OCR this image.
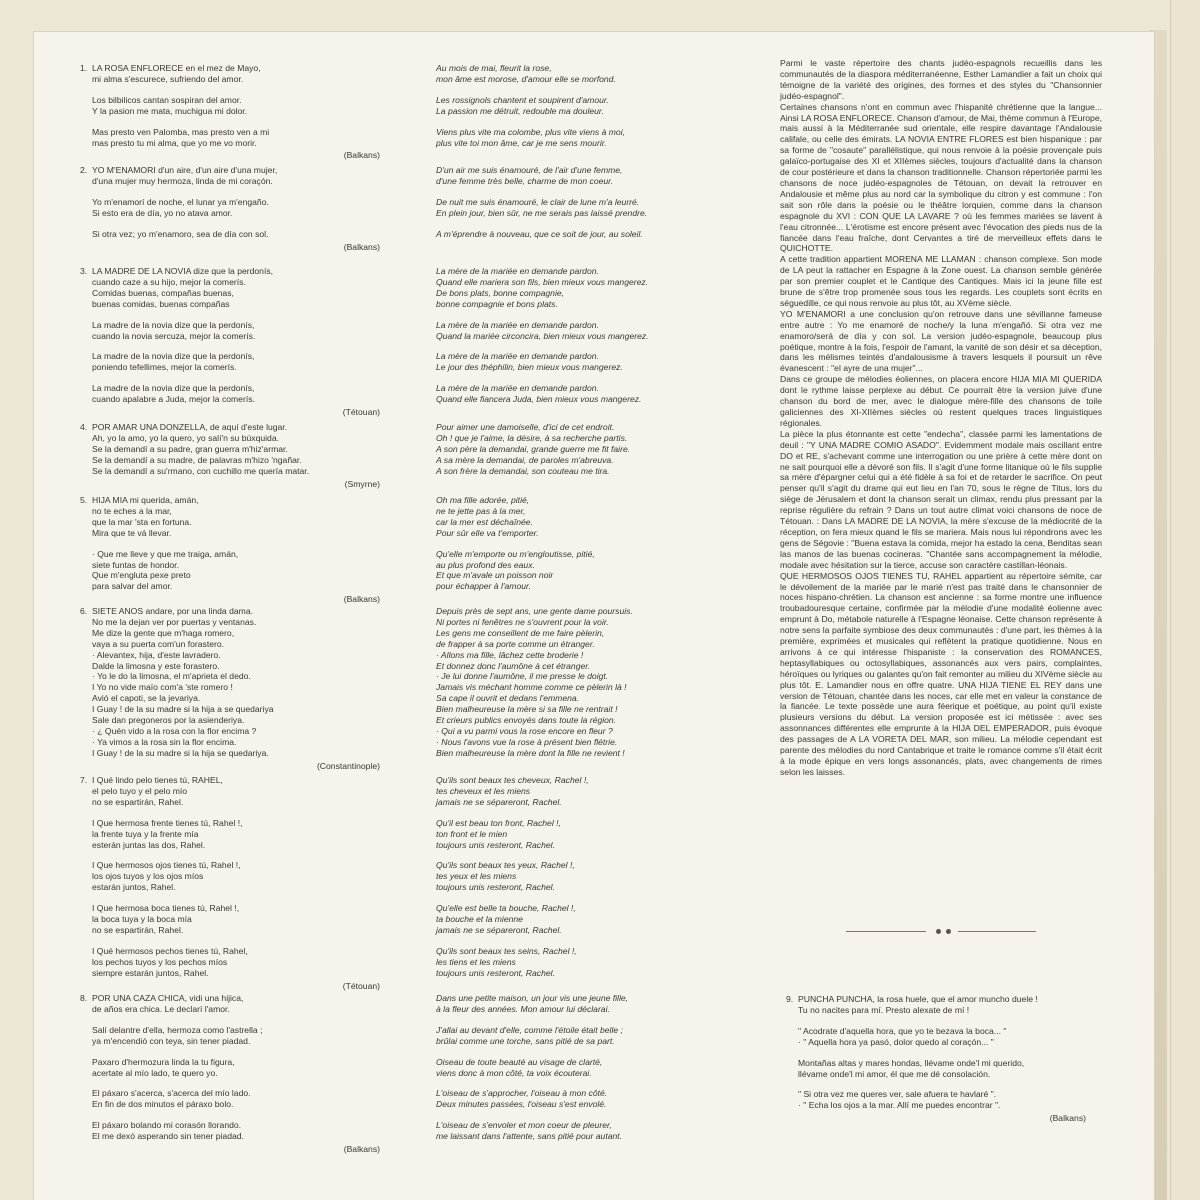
1. LA ROSA ENFLORECE en el mez de Mayo,
mi alma s'escurece, sufriendo del amor.
Los bilbilicos cantan sospiran del amor.
Y la pasion me mata, muchigua mi dolor.
Mas presto ven Palomba, mas presto ven a mi
mas presto tu mi alma, que yo me vo morir.
(Balkans)
2. YO M'ENAMORI d'un aire, d'un aire d'una mujer,
d'una mujer muy hermoza, linda de mi coraçón.
Yo m'enamorí de noche, el lunar ya m'engaño.
Si esto era de día, yo no atava amor.
Si otra vez; yo m'enamoro, sea de día con sol.
(Balkans)
3. LA MADRE DE LA NOVIA dize que la perdonís,
cuando caze a su hijo, mejor la comerís.
Comidas buenas, compañas buenas,
buenas comidas, buenas compañas
La madre de la novia dize que la perdonís,
cuando la novia sercuza, mejor la comerís.
La madre de la novia dize que la perdonís,
poniendo tefellimes, mejor la comerís.
La madre de la novia dize que la perdonís,
cuando apalabre a Juda, mejor la comerís.
(Tétouan)
4. POR AMAR UNA DONZELLA, de aquí d'este lugar.
Ah, yo la amo, yo la quero, yo salí'n su búxquida.
Se la demandí a su padre, gran guerra m'hiz'armar.
Se la demandí a su madre, de palavras m'hizo 'ngañar.
Se la demandí a su'rmano, con cuchillo me quería matar.
(Smyrne)
5. HIJA MIA mi querida, amán,
no te eches a la mar,
que la mar 'sta en fortuna.
Mira que te vá llevar.
· Que me lleve y que me traiga, amán,
siete funtas de hondor.
Que m'engluta pexe preto
para salvar del amor.
(Balkans)
6. SIETE ANOS andare, por una linda dama.
No me la dejan ver por puertas y ventanas.
Me dize la gente que m'haga romero,
vaya a su puerta com'un forastero.
· Alevantex, hija, d'este lavradero.
Dalde la limosna y este forastero.
· Yo le do la limosna, el m'aprieta el dedo.
I Yo no vide maïo com'a 'ste romero !
Avió el capoti, se la jevariya.
I Guay ! de la su madre si la hija a se quedariya
Sale dan pregoneros por la asienderiya.
· ¿ Quén vido a la rosa con la flor encima ?
· Ya vimos a la rosa sin la flor encima.
I Guay ! de la su madre si la hija se quedariya.
(Constantinople)
7. I Qué lindo pelo tienes tú, RAHEL,
el pelo tuyo y el pelo mío
no se espartirán, Rahel.
I Que hermosa frente tienes tú, Rahel !,
la frente tuya y la frente mía
esterán juntas las dos, Rahel.
I Que hermosos ojos tienes tú, Rahel !,
los ojos tuyos y los ojos míos
estarán juntos, Rahel.
I Que hermosa boca tienes tú, Rahel !,
la boca tuya y la boca mía
no se espartirán, Rahel.
I Qué hermosos pechos tienes tú, Rahel,
los pechos tuyos y los pechos míos
siempre estarán juntos, Rahel.
(Tétouan)
8. POR UNA CAZA CHICA, vidi una hijica,
de años era chica. Le declarí l'amor.
Salí delantre d'ella, hermoza como l'astrella ;
ya m'encendió con teya, sin tener piadad.
Paxaro d'hermozura linda la tu figura,
acertate al mío lado, te quero yo.
El páxaro s'acerca, s'acerca del mío lado.
En fin de dos minutos el páraxo bolo.
El páxaro bolando mi corasón llorando.
El me dexó asperando sin tener piadad.
(Balkans)
Au mois de mai, fleurit la rose,
mon âme est morose, d'amour elle se morfond.
Les rossignols chantent et soupirent d'amour.
La passion me détruit, redouble ma douleur.
Viens plus vite ma colombe, plus vite viens à moi,
plus vite toi mon âme, car je me sens mourir.
D'un air me suis énamouré, de l'air d'une femme,
d'une femme très belle, charme de mon coeur.
De nuit me suis énamouré, le clair de lune m'a leurré.
En plein jour, bien sûr, ne me serais pas laissé prendre.
A m'éprendre à nouveau, que ce soit de jour, au soleil.
La mère de la mariée en demande pardon.
Quand elle mariera son fils, bien mieux vous mangerez.
De bons plats, bonne compagnie,
bonne compagnie et bons plats.
La mère de la mariée en demande pardon.
Quand la mariée circoncira, bien mieux vous mangerez.
La mère de la mariée en demande pardon.
Le jour des théphilin, bien mieux vous mangerez.
La mère de la mariée en demande pardon.
Quand elle fiancera Juda, bien mieux vous mangerez.
Pour aimer une damoiselle, d'ici de cet endroit.
Oh ! que je l'aime, la désire, à sa recherche partis.
A son père la demandai, grande guerre me fit faire.
A sa mère la demandai, de paroles m'abreuva.
A son frère la demandai, son couteau me tira.
Oh ma fille adorée, pitié,
ne te jette pas à la mer,
car la mer est déchaînée.
Pour sûr elle va t'emporter.
Qu'elle m'emporte ou m'engloutisse, pitié,
au plus profond des eaux.
Et que m'avale un poisson noir
pour échapper à l'amour.
Depuis près de sept ans, une gente dame poursuis.
Ni portes ni fenêtres ne s'ouvrent pour la voir.
Les gens me conseillent de me faire pèlerin,
de frapper à sa porte comme un étranger.
· Allons ma fille, lâchez cette broderie !
Et donnez donc l'aumône à cet étranger.
· Je lui donne l'aumône, il me presse le doigt.
Jamais vis méchant homme comme ce pèlerin là !
Sa cape il ouvrit et dedans l'emmena.
Bien malheureuse la mère si sa fille ne rentrait !
Et crieurs publics envoyés dans toute la région.
· Qui a vu parmi vous la rose encore en fleur ?
· Nous l'avons vue la rose à présent bien flétrie.
Bien malheureuse la mère dont la fille ne revient !
Qu'ils sont beaux tes cheveux, Rachel !,
tes cheveux et les miens
jamais ne se sépareront, Rachel.
Qu'il est beau ton front, Rachel !,
ton front et le mien
toujours unis resteront, Rachel.
Qu'ils sont beaux tes yeux, Rachel !,
tes yeux et les miens
toujours unis resteront, Rachel.
Qu'elle est belle ta bouche, Rachel !,
ta bouche et la mienne
jamais ne se sépareront, Rachel.
Qu'ils sont beaux tes seins, Rachel !,
les tiens et les miens
toujours unis resteront, Rachel.
Dans une petite maison, un jour vis une jeune fille,
à la fleur des années. Mon amour lui déclarai.
J'allai au devant d'elle, comme l'étoile était belle ;
brûlai comme une torche, sans pitié de sa part.
Oiseau de toute beauté au visage de clarté,
viens donc à mon côté, ta voix écouterai.
L'oiseau de s'approcher, l'oiseau à mon côté.
Deux minutes passées, l'oiseau s'est envolé.
L'oiseau de s'envoler et mon coeur de pleurer,
me laissant dans l'attente, sans pitié pour autant.

Parmi le vaste répertoire des chants judéo-espagnols recueillis dans les communautés de la diaspora méditerranéenne, Esther Lamandier a fait un choix qui témoigne de la variété des origines, des formes et des styles du "Chansonnier judéo-espagnol".

Certaines chansons n'ont en commun avec l'hispanité chrétienne que la langue... Ainsi LA ROSA ENFLORECE. Chanson d'amour, de Mai, thème commun à l'Europe, mais aussi à la Méditerranée sud orientale, elle respire davantage l'Andalousie califale, ou celle des émirats. LA NOVIA ENTRE FLORES est bien hispanique : par sa forme de "cosaute" parallélistique, qui nous renvoie à la poésie provençale puis galaïco-portugaise des XI et XIIèmes siècles, toujours d'actualité dans la chanson de cour postérieure et dans la chanson traditionnelle. Chanson répertoriée parmi les chansons de noce judéo-espagnoles de Tétouan, on devait la retrouver en Andalousie et même plus au nord car la symbolique du citron y est commune : l'on sait son rôle dans la poésie ou le théâtre lorquien, comme dans la chanson espagnole du XVI : CON QUE LA LAVARE ? où les femmes mariées se lavent à l'eau citronnée... L'érotisme est encore présent avec l'évocation des pieds nus de la fiancée dans l'eau fraîche, dont Cervantes a tiré de merveilleux effets dans le QUICHOTTE.

A cette tradition appartient MORENA ME LLAMAN : chanson complexe. Son mode de LA peut la rattacher en Espagne à la Zone ouest. La chanson semble générée par son premier couplet et le Cantique des Cantiques. Mais ici la jeune fille est brune de s'être trop promenée sous tous les regards. Les couplets sont écrits en séguedille, ce qui nous renvoie au plus tôt, au XVème siècle.

YO M'ENAMORI a une conclusion qu'on retrouve dans une sévillanne fameuse entre autre : Yo me enamoré de noche/y la luna m'engañó. Si otra vez me enamoro/será de día y con sol. La version judéo-espagnole, beaucoup plus poétique, montre à la fois, l'espoir de l'amant, la vanité de son désir et sa déception, dans les mélismes teintés d'andalousisme à travers lesquels il poursuit un rêve évanescent : "el ayre de una mujer"...

Dans ce groupe de mélodies éoliennes, on placera encore HIJA MIA MI QUERIDA dont le rythme laisse perplexe au début. Ce pourrait être la version juive d'une chanson du bord de mer, avec le dialogue mère-fille des chansons de toile galiciennes des XI-XIIèmes siècles où restent quelques traces linguistiques régionales.

La pièce la plus étonnante est cette "endecha", classée parmi les lamentations de deuil : "Y UNA MADRE COMIO ASADO". Evidemment modale mais oscillant entre DO et RE, s'achevant comme une interrogation ou une prière à cette mère dont on ne sait pourquoi elle a dévoré son fils. Il s'agit d'une forme litanique où le fils supplie sa mère d'épargner celui qui a été fidèle à sa foi et de retarder le sacrifice. On peut penser qu'il s'agit du drame qui eut lieu en l'an 70, sous le règne de Titus, lors du siège de Jérusalem et dont la chanson serait un climax, rendu plus pressant par la reprise régulière du refrain ? Dans un tout autre climat voici chansons de noce de Tétouan. : Dans LA MADRE DE LA NOVIA, la mère s'excuse de la médiocrité de la réception, on fera mieux quand le fils se mariera. Mais nous lui répondrons avec les gens de Ségovie : "Buena estava la comida, mejor ha estado la cena, Benditas sean las manos de las buenas cocineras. "Chantée sans accompagnement la mélodie, modale avec hésitation sur la tierce, accuse son caractère castillan-léonais.

QUE HERMOSOS OJOS TIENES TU, RAHEL appartient au répertoire sémite, car le dévoilement de la mariée par le marié n'est pas traité dans le chansonnier de noces hispano-chrétien. La chanson est ancienne : sa forme montre une influence troubadouresque certaine, confirmée par la mélodie d'une modalité éolienne avec emprunt à Do, métabole naturelle à l'Espagne léonaise. Cette chanson représente à notre sens la parfaite symbiose des deux communautés : d'une part, les thèmes à la première, exprimées et musicales qui reflètent la pratique quotidienne. Nous en arrivons à ce qui intéresse l'hispaniste : la conservation des ROMANCES, heptasyllabiques ou octosyllabiques, assonancés aux vers pairs, complaintes, héroïques ou lyriques ou galantes qu'on fait remonter au milieu du XIVème siècle au plus tôt. E. Lamandier nous en offre quatre. UNA HIJA TIENE EL REY dans une version de Tétouan, chantée dans les noces, car elle met en valeur la constance de la fiancée. Le texte possède une aura féerique et poétique, au point qu'il existe plusieurs versions du début. La version proposée est ici métissée : avec ses assonnances différentes elle emprunte à la HIJA DEL EMPERADOR, puis évoque des passages de A LA VORETA DEL MAR, son milieu. La mélodie cependant est parente des mélodies du nord Cantabrique et traite le romance comme s'il était écrit à la mode épique en vers longs assonancés, plats, avec changements de rimes selon les laisses.

9. PUNCHA PUNCHA, la rosa huele, que el amor muncho duele !
Tu no nacites para mí. Presto alexate de mí !
" Acodrate d'aquella hora, que yo te bezava la boca... "
· " Aquella hora ya pasó, dolor quedo al coraçón... "
Montañas altas y mares hondas, llévame onde'l mi querido,
llévame onde'l mi amor, él que me dé consolación.
" Si otra vez me queres ver, sale afuera te havlaré ".
· " Echa los ojos a la mar. Allí me puedes encontrar ".
(Balkans)
